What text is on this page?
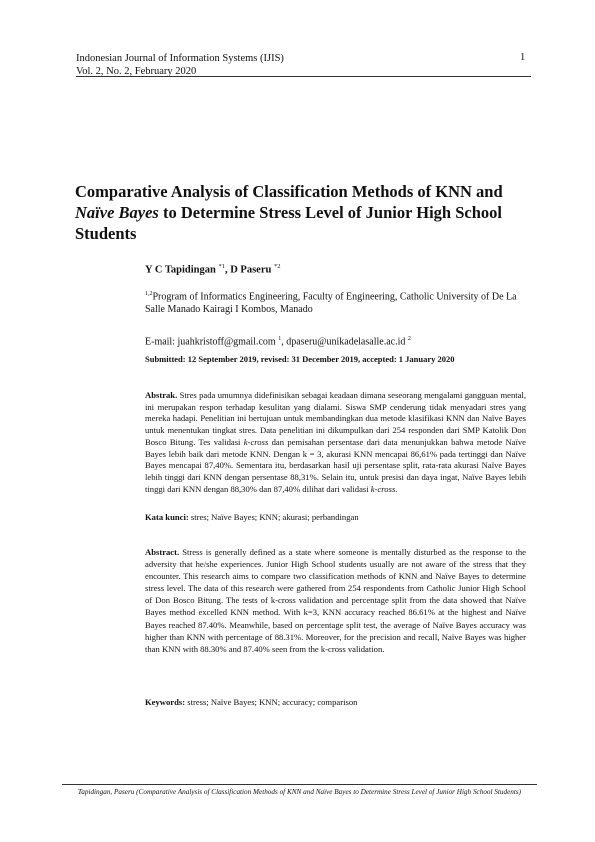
Indonesian Journal of Information Systems (IJIS)
Vol. 2, No. 2, February 2020
1
Comparative Analysis of Classification Methods of KNN and
Naïve Bayes to Determine Stress Level of Junior High School
Students
Y C Tapidingan $^{*1}$, D Paseru $^{*2}$
$^{1,2}$Program of Informatics Engineering, Faculty of Engineering, Catholic University of De La Salle Manado Kairagi I Kombos, Manado
E-mail: juahkristoff@gmail.com $^1$, dpaseru@unikadelasalle.ac.id $^2$
Submitted: 12 September 2019, revised: 31 December 2019, accepted: 1 January 2020
Abstrak. Stres pada umumnya didefinisikan sebagai keadaan dimana seseorang mengalami gangguan mental, ini merupakan respon terhadap kesulitan yang dialami. Siswa SMP cenderung tidak menyadari stres yang mereka hadapi. Penelitian ini bertujuan untuk membandingkan dua metode klasifikasi KNN dan Naïve Bayes untuk menentukan tingkat stres. Data penelitian ini dikumpulkan dari 254 responden dari SMP Katolik Don Bosco Bitung. Tes validasi k-cross dan pemisahan persentase dari data menunjukkan bahwa metode Naïve Bayes lebih baik dari metode KNN. Dengan k = 3, akurasi KNN mencapai 86,61% pada tertinggi dan Naïve Bayes mencapai 87,40%. Sementara itu, berdasarkan hasil uji persentase split, rata-rata akurasi Naïve Bayes lebih tinggi dari KNN dengan persentase 88,31%. Selain itu, untuk presisi dan daya ingat, Naïve Bayes lebih tinggi dari KNN dengan 88,30% dan 87,40% dilihat dari validasi k-cross.
Kata kunci: stres; Naïve Bayes; KNN; akurasi; perbandingan
Abstract. Stress is generally defined as a state where someone is mentally disturbed as the response to the adversity that he/she experiences. Junior High School students usually are not aware of the stress that they encounter. This research aims to compare two classification methods of KNN and Naïve Bayes to determine stress level. The data of this research were gathered from 254 respondents from Catholic Junior High School of Don Bosco Bitung. The tests of k-cross validation and percentage split from the data showed that Naïve Bayes method excelled KNN method. With k=3, KNN accuracy reached 86.61% at the highest and Naïve Bayes reached 87.40%. Meanwhile, based on percentage split test, the average of Naïve Bayes accuracy was higher than KNN with percentage of 88.31%. Moreover, for the precision and recall, Naïve Bayes was higher than KNN with 88.30% and 87.40% seen from the k-cross validation.
Keywords: stress; Naïve Bayes; KNN; accuracy; comparison
Tapidingan, Paseru (Comparative Analysis of Classification Methods of KNN and Naïve Bayes to Determine Stress Level of Junior High School Students)
